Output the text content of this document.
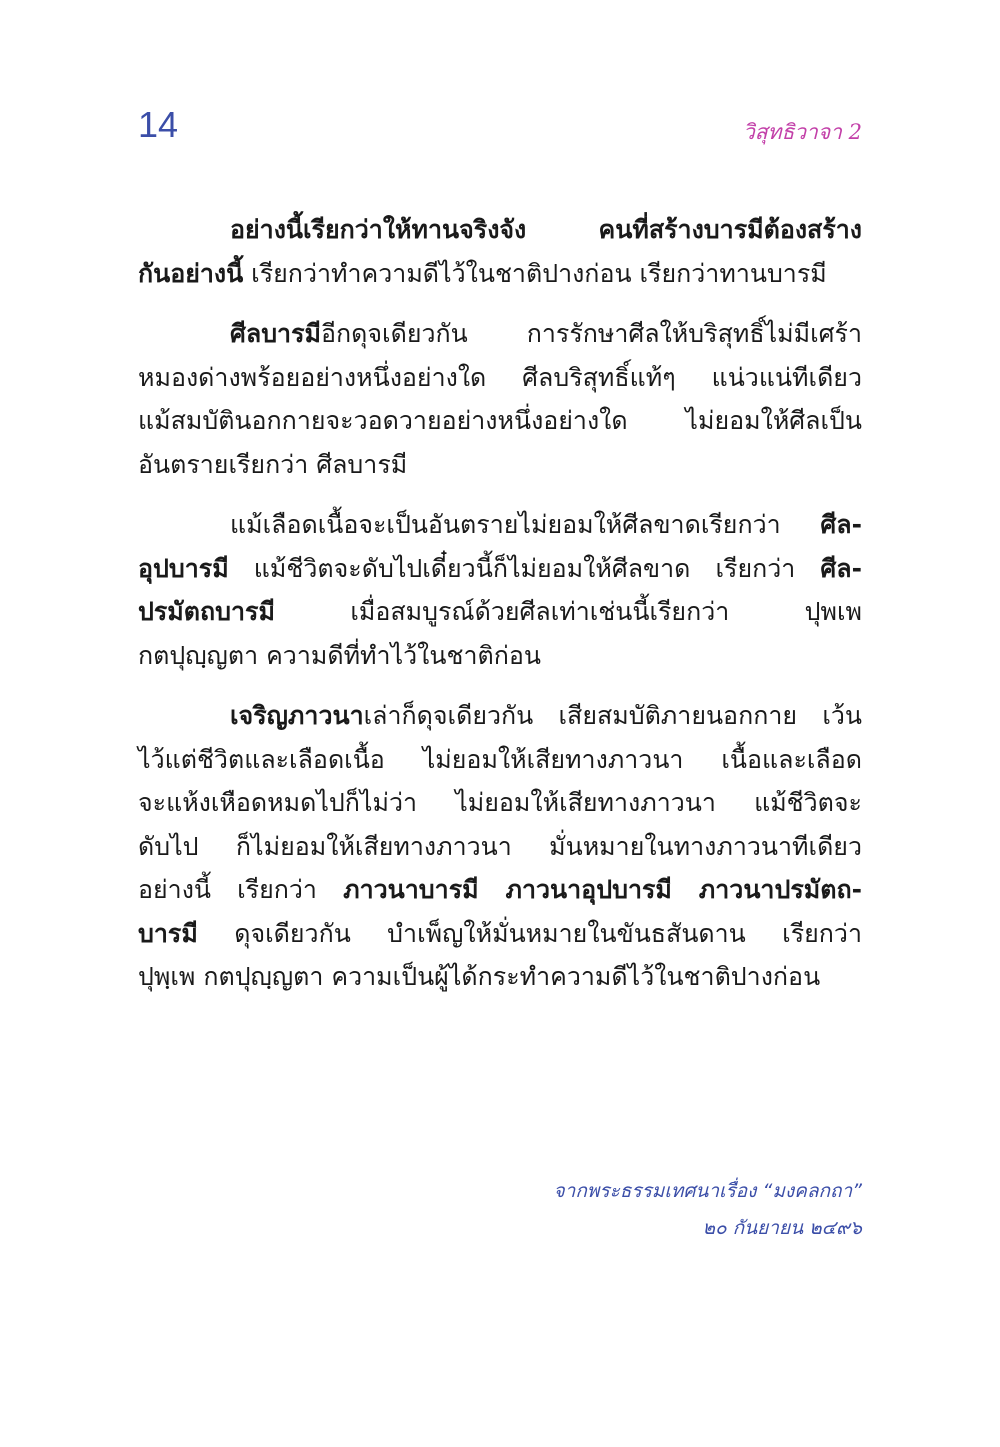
14	วิสุทธิวาจา 2
อย่างนี้เรียกว่าให้ทานจริงจัง คนที่สร้างบารมีต้องสร้าง
กันอย่างนี้ เรียกว่าทำความดีไว้ในชาติปางก่อน เรียกว่าทานบารมี
ศีลบารมีอีกดุจเดียวกัน การรักษาศีลให้บริสุทธิ์ไม่มีเศร้า
หมองด่างพร้อยอย่างหนึ่งอย่างใด ศีลบริสุทธิ์แท้ๆ แน่วแน่ทีเดียว
แม้สมบัตินอกกายจะวอดวายอย่างหนึ่งอย่างใด ไม่ยอมให้ศีลเป็น
อันตรายเรียกว่า ศีลบารมี
แม้เลือดเนื้อจะเป็นอันตรายไม่ยอมให้ศีลขาดเรียกว่า ศีล-
อุปบารมี แม้ชีวิตจะดับไปเดี๋ยวนี้ก็ไม่ยอมให้ศีลขาด เรียกว่า ศีล-
ปรมัตถบารมี เมื่อสมบูรณ์ด้วยศีลเท่าเช่นนี้เรียกว่า ปุพเพ
กตปุญฺญตา ความดีที่ทำไว้ในชาติก่อน
เจริญภาวนาเล่าก็ดุจเดียวกัน เสียสมบัติภายนอกกาย เว้น
ไว้แต่ชีวิตและเลือดเนื้อ ไม่ยอมให้เสียทางภาวนา เนื้อและเลือด
จะแห้งเหือดหมดไปก็ไม่ว่า ไม่ยอมให้เสียทางภาวนา แม้ชีวิตจะ
ดับไป ก็ไม่ยอมให้เสียทางภาวนา มั่นหมายในทางภาวนาทีเดียว
อย่างนี้ เรียกว่า ภาวนาบารมี ภาวนาอุปบารมี ภาวนาปรมัตถ-
บารมี ดุจเดียวกัน บำเพ็ญให้มั่นหมายในขันธสันดาน เรียกว่า
ปุพฺเพ กตปุญฺญตา ความเป็นผู้ได้กระทำความดีไว้ในชาติปางก่อน
จากพระธรรมเทศนาเรื่อง “มงคลกถา”
๒๐ กันยายน ๒๔๙๖
